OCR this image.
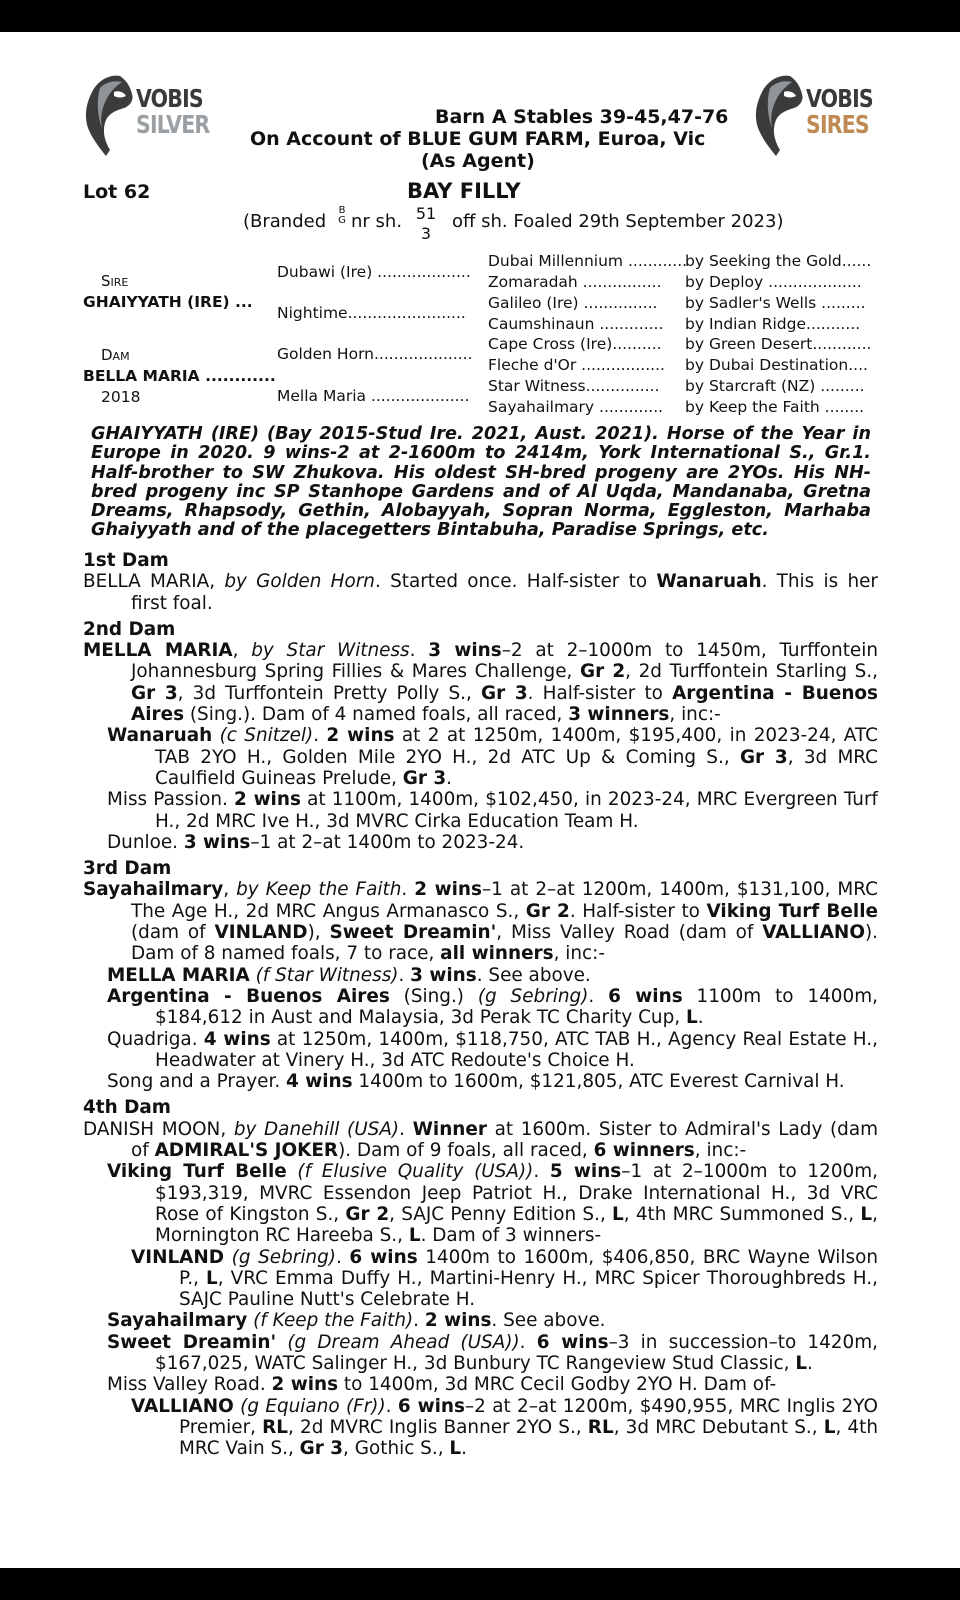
VOBIS
SILVER
VOBIS
SIRES
Barn A Stables 39-45,47-76
On Account of BLUE GUM FARM, Euroa, Vic
(As Agent)
Lot 62	BAY FILLY
(Branded
B
G nr sh. 51
3
off sh. Foaled 29th September 2023)
Sire
GHAIYYATH (IRE) ...
Dam
BELLA MARIA ............
2018
Dubawi (Ire) ...................
Nightime........................
Golden Horn....................
Mella Maria ....................
Dubai Millennium ............
Zomaradah ................
Galileo (Ire) ...............
Caumshinaun .............
Cape Cross (Ire)..........
Fleche d'Or .................
Star Witness...............
Sayahailmary .............
by Seeking the Gold......
by Deploy ...................
by Sadler's Wells .........
by Indian Ridge...........
by Green Desert............
by Dubai Destination....
by Starcraft (NZ) .........
by Keep the Faith ........
GHAIYYATH (IRE) (Bay 2015-Stud Ire. 2021, Aust. 2021). Horse of the Year in Europe in 2020. 9 wins-2 at 2-1600m to 2414m, York International S., Gr.1. Half-brother to SW Zhukova. His oldest SH-bred progeny are 2YOs. His NH-bred progeny inc SP Stanhope Gardens and of Al Uqda, Mandanaba, Gretna Dreams, Rhapsody, Gethin, Alobayyah, Sopran Norma, Eggleston, Marhaba Ghaiyyath and of the placegetters Bintabuha, Paradise Springs, etc.
1st Dam
BELLA MARIA, by Golden Horn. Started once. Half-sister to Wanaruah. This is her first foal.
2nd Dam
MELLA MARIA, by Star Witness. 3 wins–2 at 2–1000m to 1450m, Turffontein Johannesburg Spring Fillies & Mares Challenge, Gr 2, 2d Turffontein Starling S., Gr 3, 3d Turffontein Pretty Polly S., Gr 3. Half-sister to Argentina - Buenos Aires (Sing.). Dam of 4 named foals, all raced, 3 winners, inc:-
Wanaruah (c Snitzel). 2 wins at 2 at 1250m, 1400m, $195,400, in 2023-24, ATC TAB 2YO H., Golden Mile 2YO H., 2d ATC Up & Coming S., Gr 3, 3d MRC Caulfield Guineas Prelude, Gr 3.
Miss Passion. 2 wins at 1100m, 1400m, $102,450, in 2023-24, MRC Evergreen Turf H., 2d MRC Ive H., 3d MVRC Cirka Education Team H.
Dunloe. 3 wins–1 at 2–at 1400m to 2023-24.
3rd Dam
Sayahailmary, by Keep the Faith. 2 wins–1 at 2–at 1200m, 1400m, $131,100, MRC The Age H., 2d MRC Angus Armanasco S., Gr 2. Half-sister to Viking Turf Belle (dam of VINLAND), Sweet Dreamin', Miss Valley Road (dam of VALLIANO). Dam of 8 named foals, 7 to race, all winners, inc:-
MELLA MARIA (f Star Witness). 3 wins. See above.
Argentina - Buenos Aires (Sing.) (g Sebring). 6 wins 1100m to 1400m, $184,612 in Aust and Malaysia, 3d Perak TC Charity Cup, L.
Quadriga. 4 wins at 1250m, 1400m, $118,750, ATC TAB H., Agency Real Estate H., Headwater at Vinery H., 3d ATC Redoute's Choice H.
Song and a Prayer. 4 wins 1400m to 1600m, $121,805, ATC Everest Carnival H.
4th Dam
DANISH MOON, by Danehill (USA). Winner at 1600m. Sister to Admiral's Lady (dam of ADMIRAL'S JOKER). Dam of 9 foals, all raced, 6 winners, inc:-
Viking Turf Belle (f Elusive Quality (USA)). 5 wins–1 at 2–1000m to 1200m, $193,319, MVRC Essendon Jeep Patriot H., Drake International H., 3d VRC Rose of Kingston S., Gr 2, SAJC Penny Edition S., L, 4th MRC Summoned S., L, Mornington RC Hareeba S., L. Dam of 3 winners-
VINLAND (g Sebring). 6 wins 1400m to 1600m, $406,850, BRC Wayne Wilson P., L, VRC Emma Duffy H., Martini-Henry H., MRC Spicer Thoroughbreds H., SAJC Pauline Nutt's Celebrate H.
Sayahailmary (f Keep the Faith). 2 wins. See above.
Sweet Dreamin' (g Dream Ahead (USA)). 6 wins–3 in succession–to 1420m, $167,025, WATC Salinger H., 3d Bunbury TC Rangeview Stud Classic, L.
Miss Valley Road. 2 wins to 1400m, 3d MRC Cecil Godby 2YO H. Dam of-
VALLIANO (g Equiano (Fr)). 6 wins–2 at 2–at 1200m, $490,955, MRC Inglis 2YO Premier, RL, 2d MVRC Inglis Banner 2YO S., RL, 3d MRC Debutant S., L, 4th MRC Vain S., Gr 3, Gothic S., L.
